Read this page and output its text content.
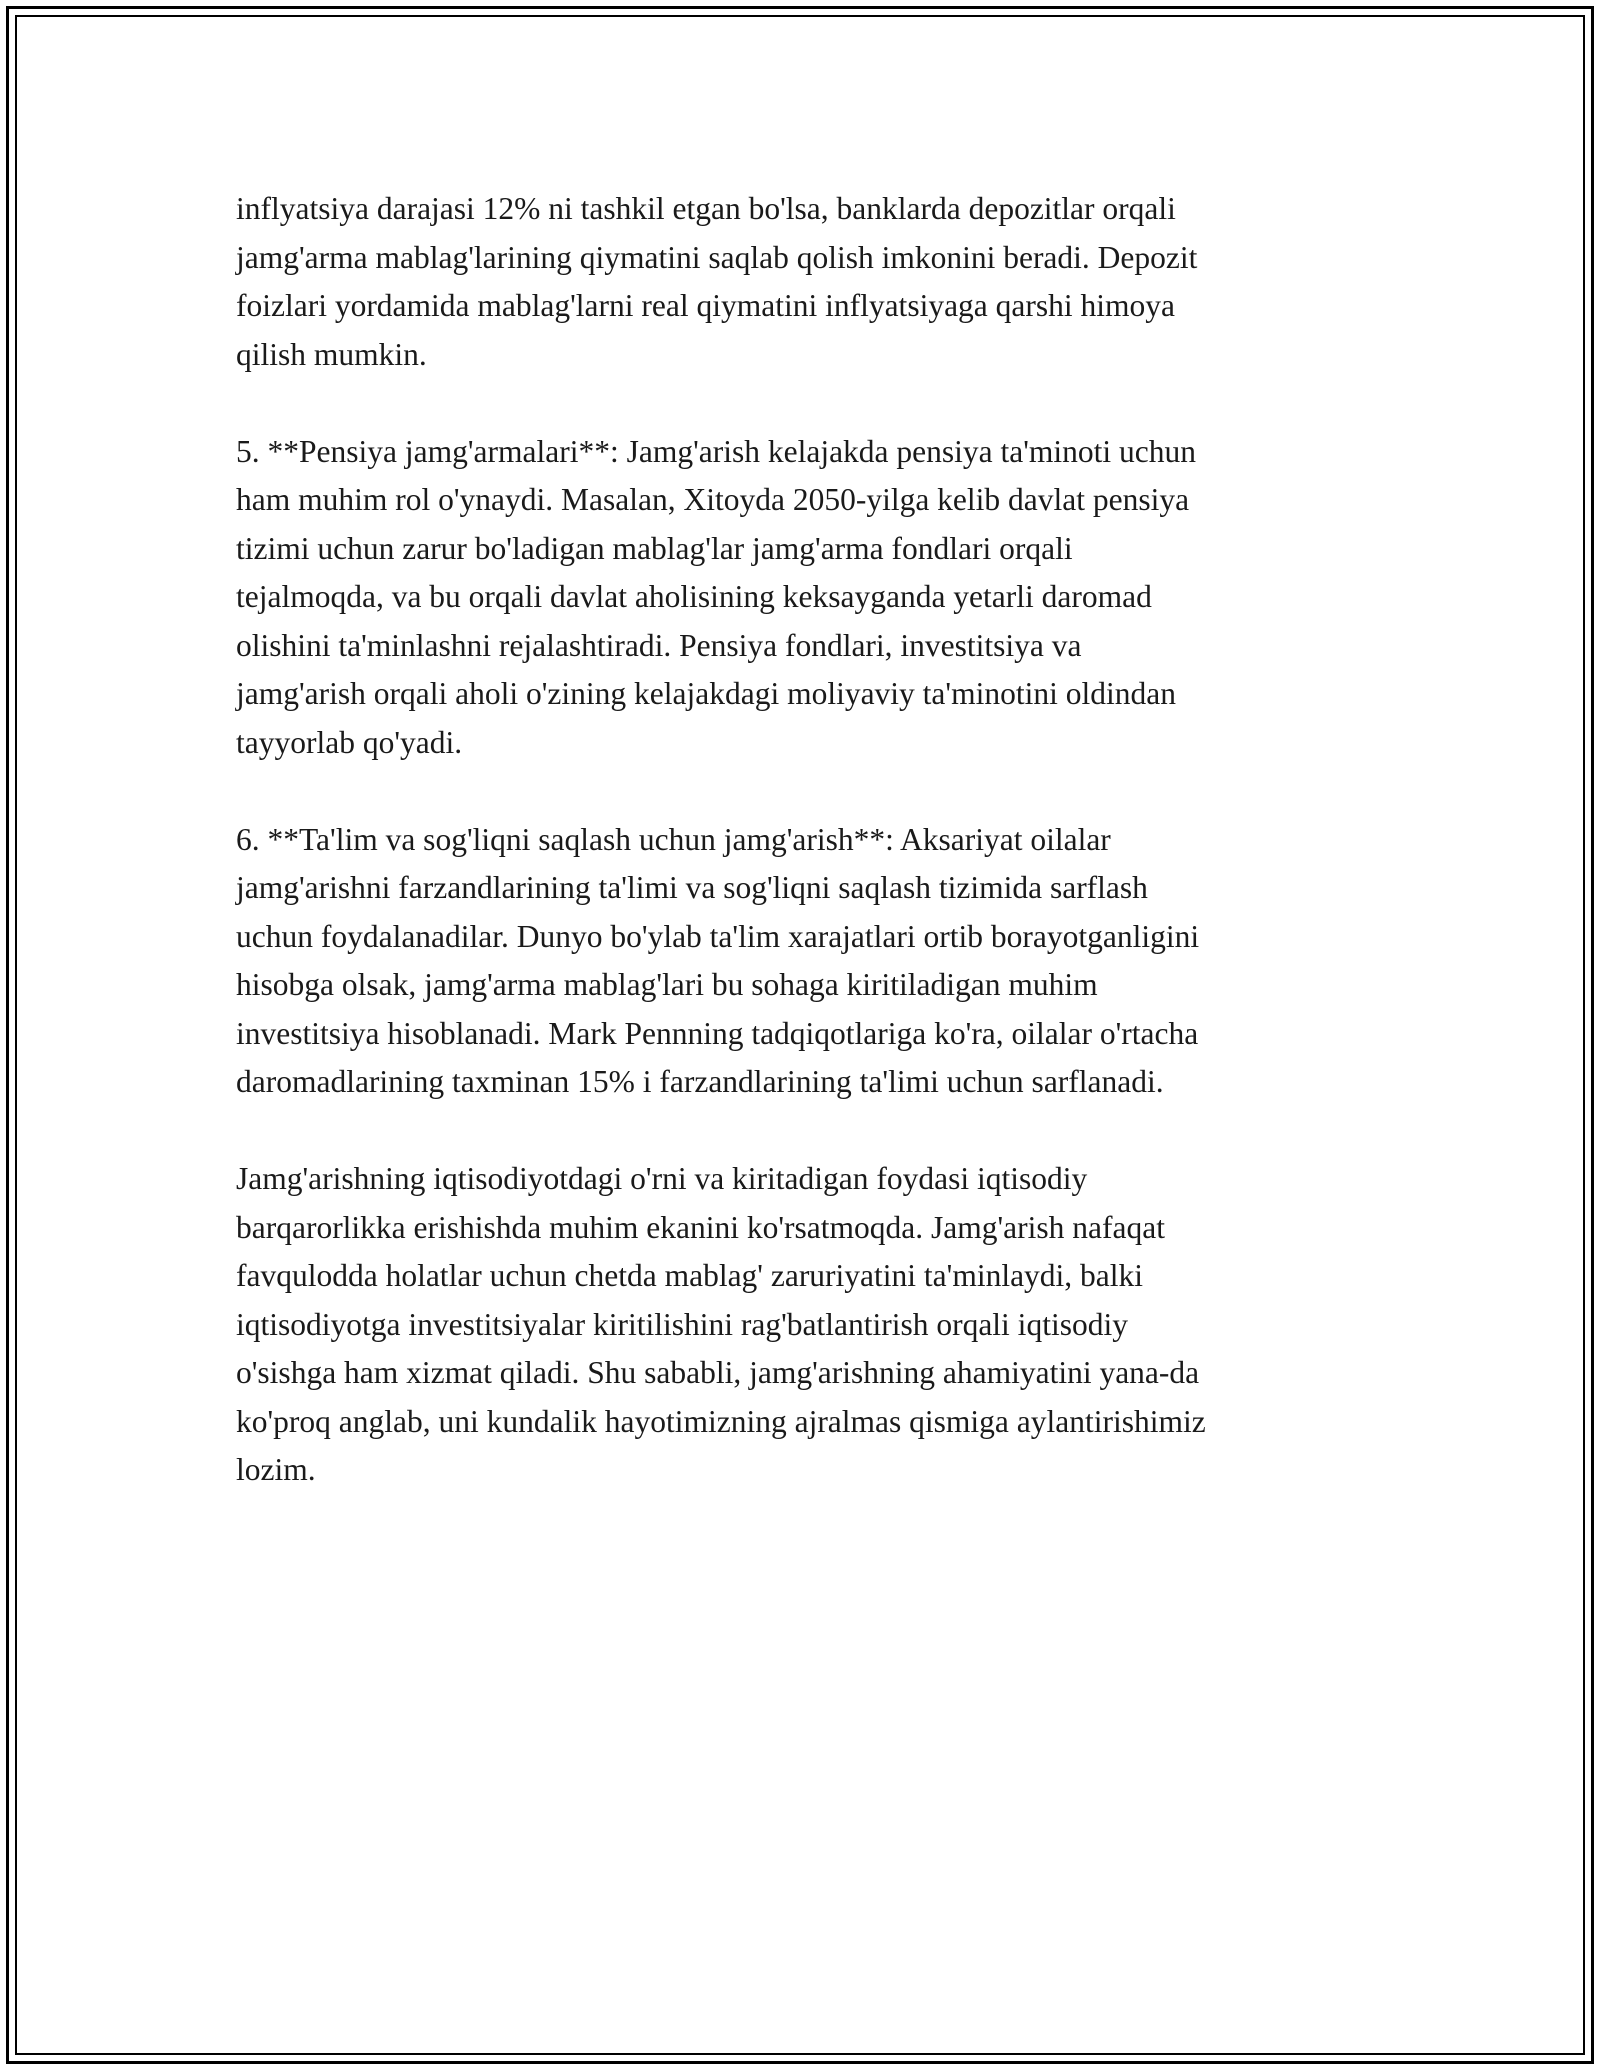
inflyatsiya darajasi 12% ni tashkil etgan bo'lsa, banklarda depozitlar orqali
jamg'arma mablag'larining qiymatini saqlab qolish imkonini beradi. Depozit
foizlari yordamida mablag'larni real qiymatini inflyatsiyaga qarshi himoya
qilish mumkin.

5. **Pensiya jamg'armalari**: Jamg'arish kelajakda pensiya ta'minoti uchun
ham muhim rol o'ynaydi. Masalan, Xitoyda 2050-yilga kelib davlat pensiya
tizimi uchun zarur bo'ladigan mablag'lar jamg'arma fondlari orqali
tejalmoqda, va bu orqali davlat aholisining keksayganda yetarli daromad
olishini ta'minlashni rejalashtiradi. Pensiya fondlari, investitsiya va
jamg'arish orqali aholi o'zining kelajakdagi moliyaviy ta'minotini oldindan
tayyorlab qo'yadi.

6. **Ta'lim va sog'liqni saqlash uchun jamg'arish**: Aksariyat oilalar
jamg'arishni farzandlarining ta'limi va sog'liqni saqlash tizimida sarflash
uchun foydalanadilar. Dunyo bo'ylab ta'lim xarajatlari ortib borayotganligini
hisobga olsak, jamg'arma mablag'lari bu sohaga kiritiladigan muhim
investitsiya hisoblanadi. Mark Pennning tadqiqotlariga ko'ra, oilalar o'rtacha
daromadlarining taxminan 15% i farzandlarining ta'limi uchun sarflanadi.

Jamg'arishning iqtisodiyotdagi o'rni va kiritadigan foydasi iqtisodiy
barqarorlikka erishishda muhim ekanini ko'rsatmoqda. Jamg'arish nafaqat
favqulodda holatlar uchun chetda mablag' zaruriyatini ta'minlaydi, balki
iqtisodiyotga investitsiyalar kiritilishini rag'batlantirish orqali iqtisodiy
o'sishga ham xizmat qiladi. Shu sababli, jamg'arishning ahamiyatini yana-da
ko'proq anglab, uni kundalik hayotimizning ajralmas qismiga aylantirishimiz
lozim.
